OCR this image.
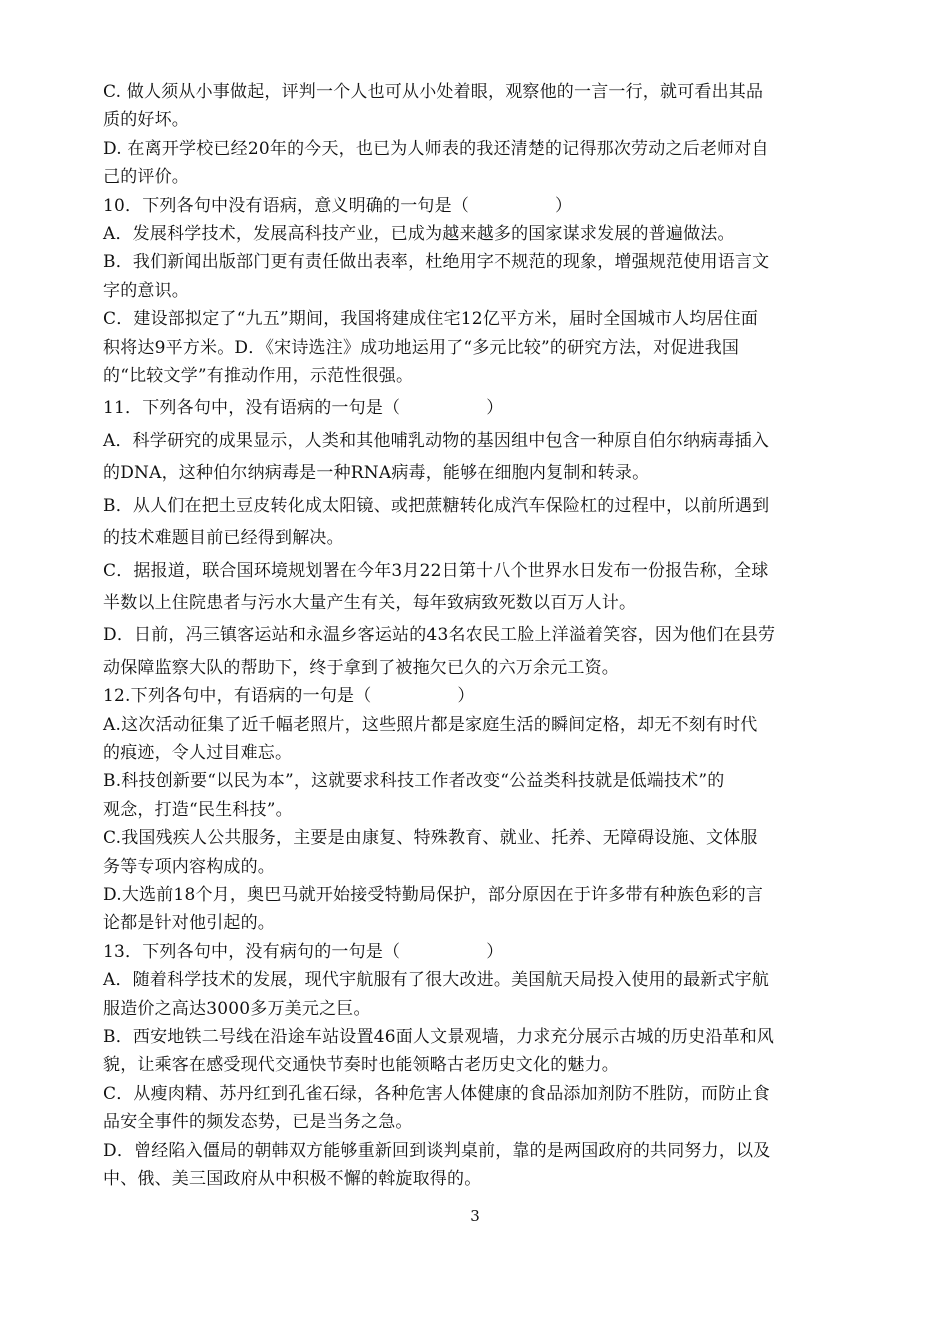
C. 做人须从小事做起，评判一个人也可从小处着眼，观察他的一言一行，就可看出其品
质的好坏。
D. 在离开学校已经20年的今天，也已为人师表的我还清楚的记得那次劳动之后老师对自
己的评价。
10．下列各句中没有语病，意义明确的一句是（　　　　　）
A．发展科学技术，发展高科技产业，已成为越来越多的国家谋求发展的普遍做法。
B．我们新闻出版部门更有责任做出表率，杜绝用字不规范的现象，增强规范使用语言文
字的意识。
C．建设部拟定了“九五”期间，我国将建成住宅12亿平方米，届时全国城市人均居住面
积将达9平方米。D．《宋诗选注》成功地运用了“多元比较”的研究方法，对促进我国
的“比较文学”有推动作用，示范性很强。
11．下列各句中，没有语病的一句是（　　　　　）
A．科学研究的成果显示，人类和其他哺乳动物的基因组中包含一种原自伯尔纳病毒插入
的DNA，这种伯尔纳病毒是一种RNA病毒，能够在细胞内复制和转录。
B．从人们在把土豆皮转化成太阳镜、或把蔗糖转化成汽车保险杠的过程中，以前所遇到
的技术难题目前已经得到解决。
C．据报道，联合国环境规划署在今年3月22日第十八个世界水日发布一份报告称，全球
半数以上住院患者与污水大量产生有关，每年致病致死数以百万人计。
D．日前，冯三镇客运站和永温乡客运站的43名农民工脸上洋溢着笑容，因为他们在县劳
动保障监察大队的帮助下，终于拿到了被拖欠已久的六万余元工资。
12.下列各句中，有语病的一句是（　　　　　）
A.这次活动征集了近千幅老照片，这些照片都是家庭生活的瞬间定格，却无不刻有时代
的痕迹，令人过目难忘。
B.科技创新要“以民为本”，这就要求科技工作者改变“公益类科技就是低端技术”的
观念，打造“民生科技”。
C.我国残疾人公共服务，主要是由康复、特殊教育、就业、托养、无障碍设施、文体服
务等专项内容构成的。
D.大选前18个月，奥巴马就开始接受特勤局保护，部分原因在于许多带有种族色彩的言
论都是针对他引起的。
13．下列各句中，没有病句的一句是（　　　　　）
A．随着科学技术的发展，现代宇航服有了很大改进。美国航天局投入使用的最新式宇航
服造价之高达3000多万美元之巨。
B．西安地铁二号线在沿途车站设置46面人文景观墙，力求充分展示古城的历史沿革和风
貌，让乘客在感受现代交通快节奏时也能领略古老历史文化的魅力。
C．从瘦肉精、苏丹红到孔雀石绿，各种危害人体健康的食品添加剂防不胜防，而防止食
品安全事件的频发态势，已是当务之急。
D．曾经陷入僵局的朝韩双方能够重新回到谈判桌前，靠的是两国政府的共同努力，以及
中、俄、美三国政府从中积极不懈的斡旋取得的。
3
